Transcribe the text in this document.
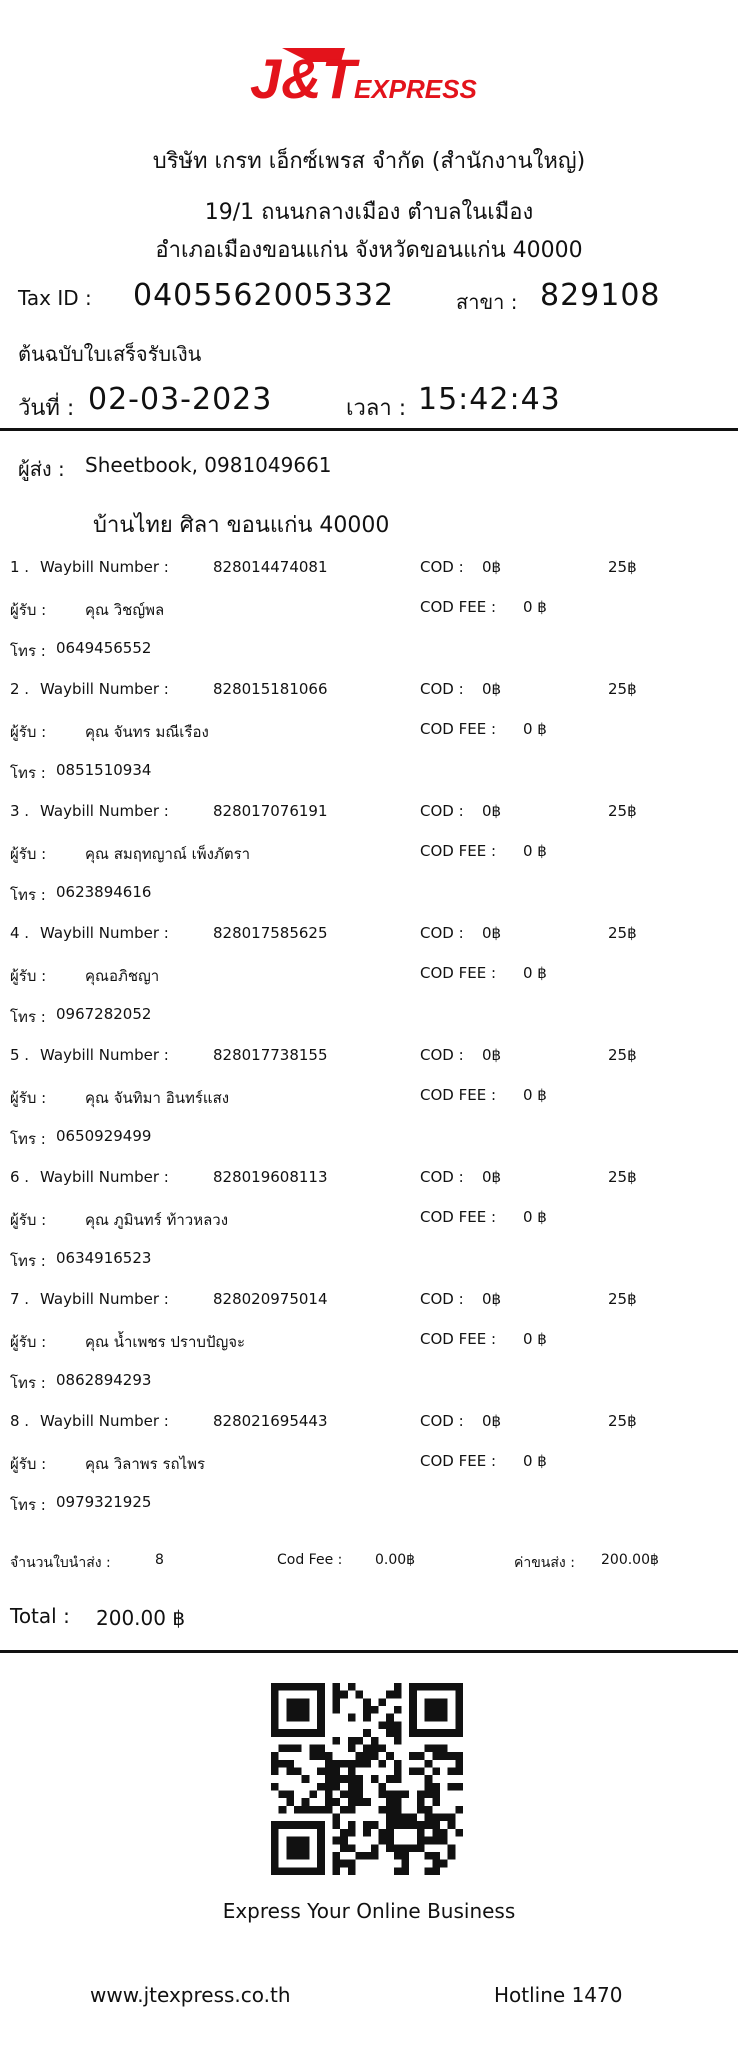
J&T
EXPRESS
บริษัท เกรท เอ็กซ์เพรส จำกัด (สำนักงานใหญ่)
19/1 ถนนกลางเมือง ตำบลในเมือง
อำเภอเมืองขอนแก่น จังหวัดขอนแก่น 40000
Tax ID : 0405562005332	สาขา : 829108
ต้นฉบับใบเสร็จรับเงิน
วันที่ : 02-03-2023	เวลา : 15:42:43
ผู้ส่ง : Sheetbook, 0981049661
บ้านไทย ศิลา ขอนแก่น 40000
1 . Waybill Number :	828014474081	COD : 0฿	25฿
ผู้รับ :	คุณ วิชญ์พล	COD FEE : 0 ฿
โทร : 0649456552
2 . Waybill Number :	828015181066	COD : 0฿	25฿
ผู้รับ :	คุณ จันทร มณีเรือง	COD FEE : 0 ฿
โทร : 0851510934
3 . Waybill Number :	828017076191	COD : 0฿	25฿
ผู้รับ :	คุณ สมฤทญาณ์ เพ็งภัตรา	COD FEE : 0 ฿
โทร : 0623894616
4 . Waybill Number :	828017585625	COD : 0฿	25฿
ผู้รับ :	คุณอภิชญา	COD FEE : 0 ฿
โทร : 0967282052
5 . Waybill Number :	828017738155	COD : 0฿	25฿
ผู้รับ :	คุณ จันทิมา อินทร์แสง	COD FEE : 0 ฿
โทร : 0650929499
6 . Waybill Number :	828019608113	COD : 0฿	25฿
ผู้รับ :	คุณ ภูมินทร์ ท้าวหลวง	COD FEE : 0 ฿
โทร : 0634916523
7 . Waybill Number :	828020975014	COD : 0฿	25฿
ผู้รับ :	คุณ น้ำเพชร ปราบปัญจะ	COD FEE : 0 ฿
โทร : 0862894293
8 . Waybill Number :	828021695443	COD : 0฿	25฿
ผู้รับ :	คุณ วิลาพร รถไพร	COD FEE : 0 ฿
โทร : 0979321925
จำนวนใบนำส่ง :	8	Cod Fee : 0.00฿	ค่าขนส่ง : 200.00฿
Total : 200.00 ฿
Express Your Online Business
www.jtexpress.co.th	Hotline 1470
